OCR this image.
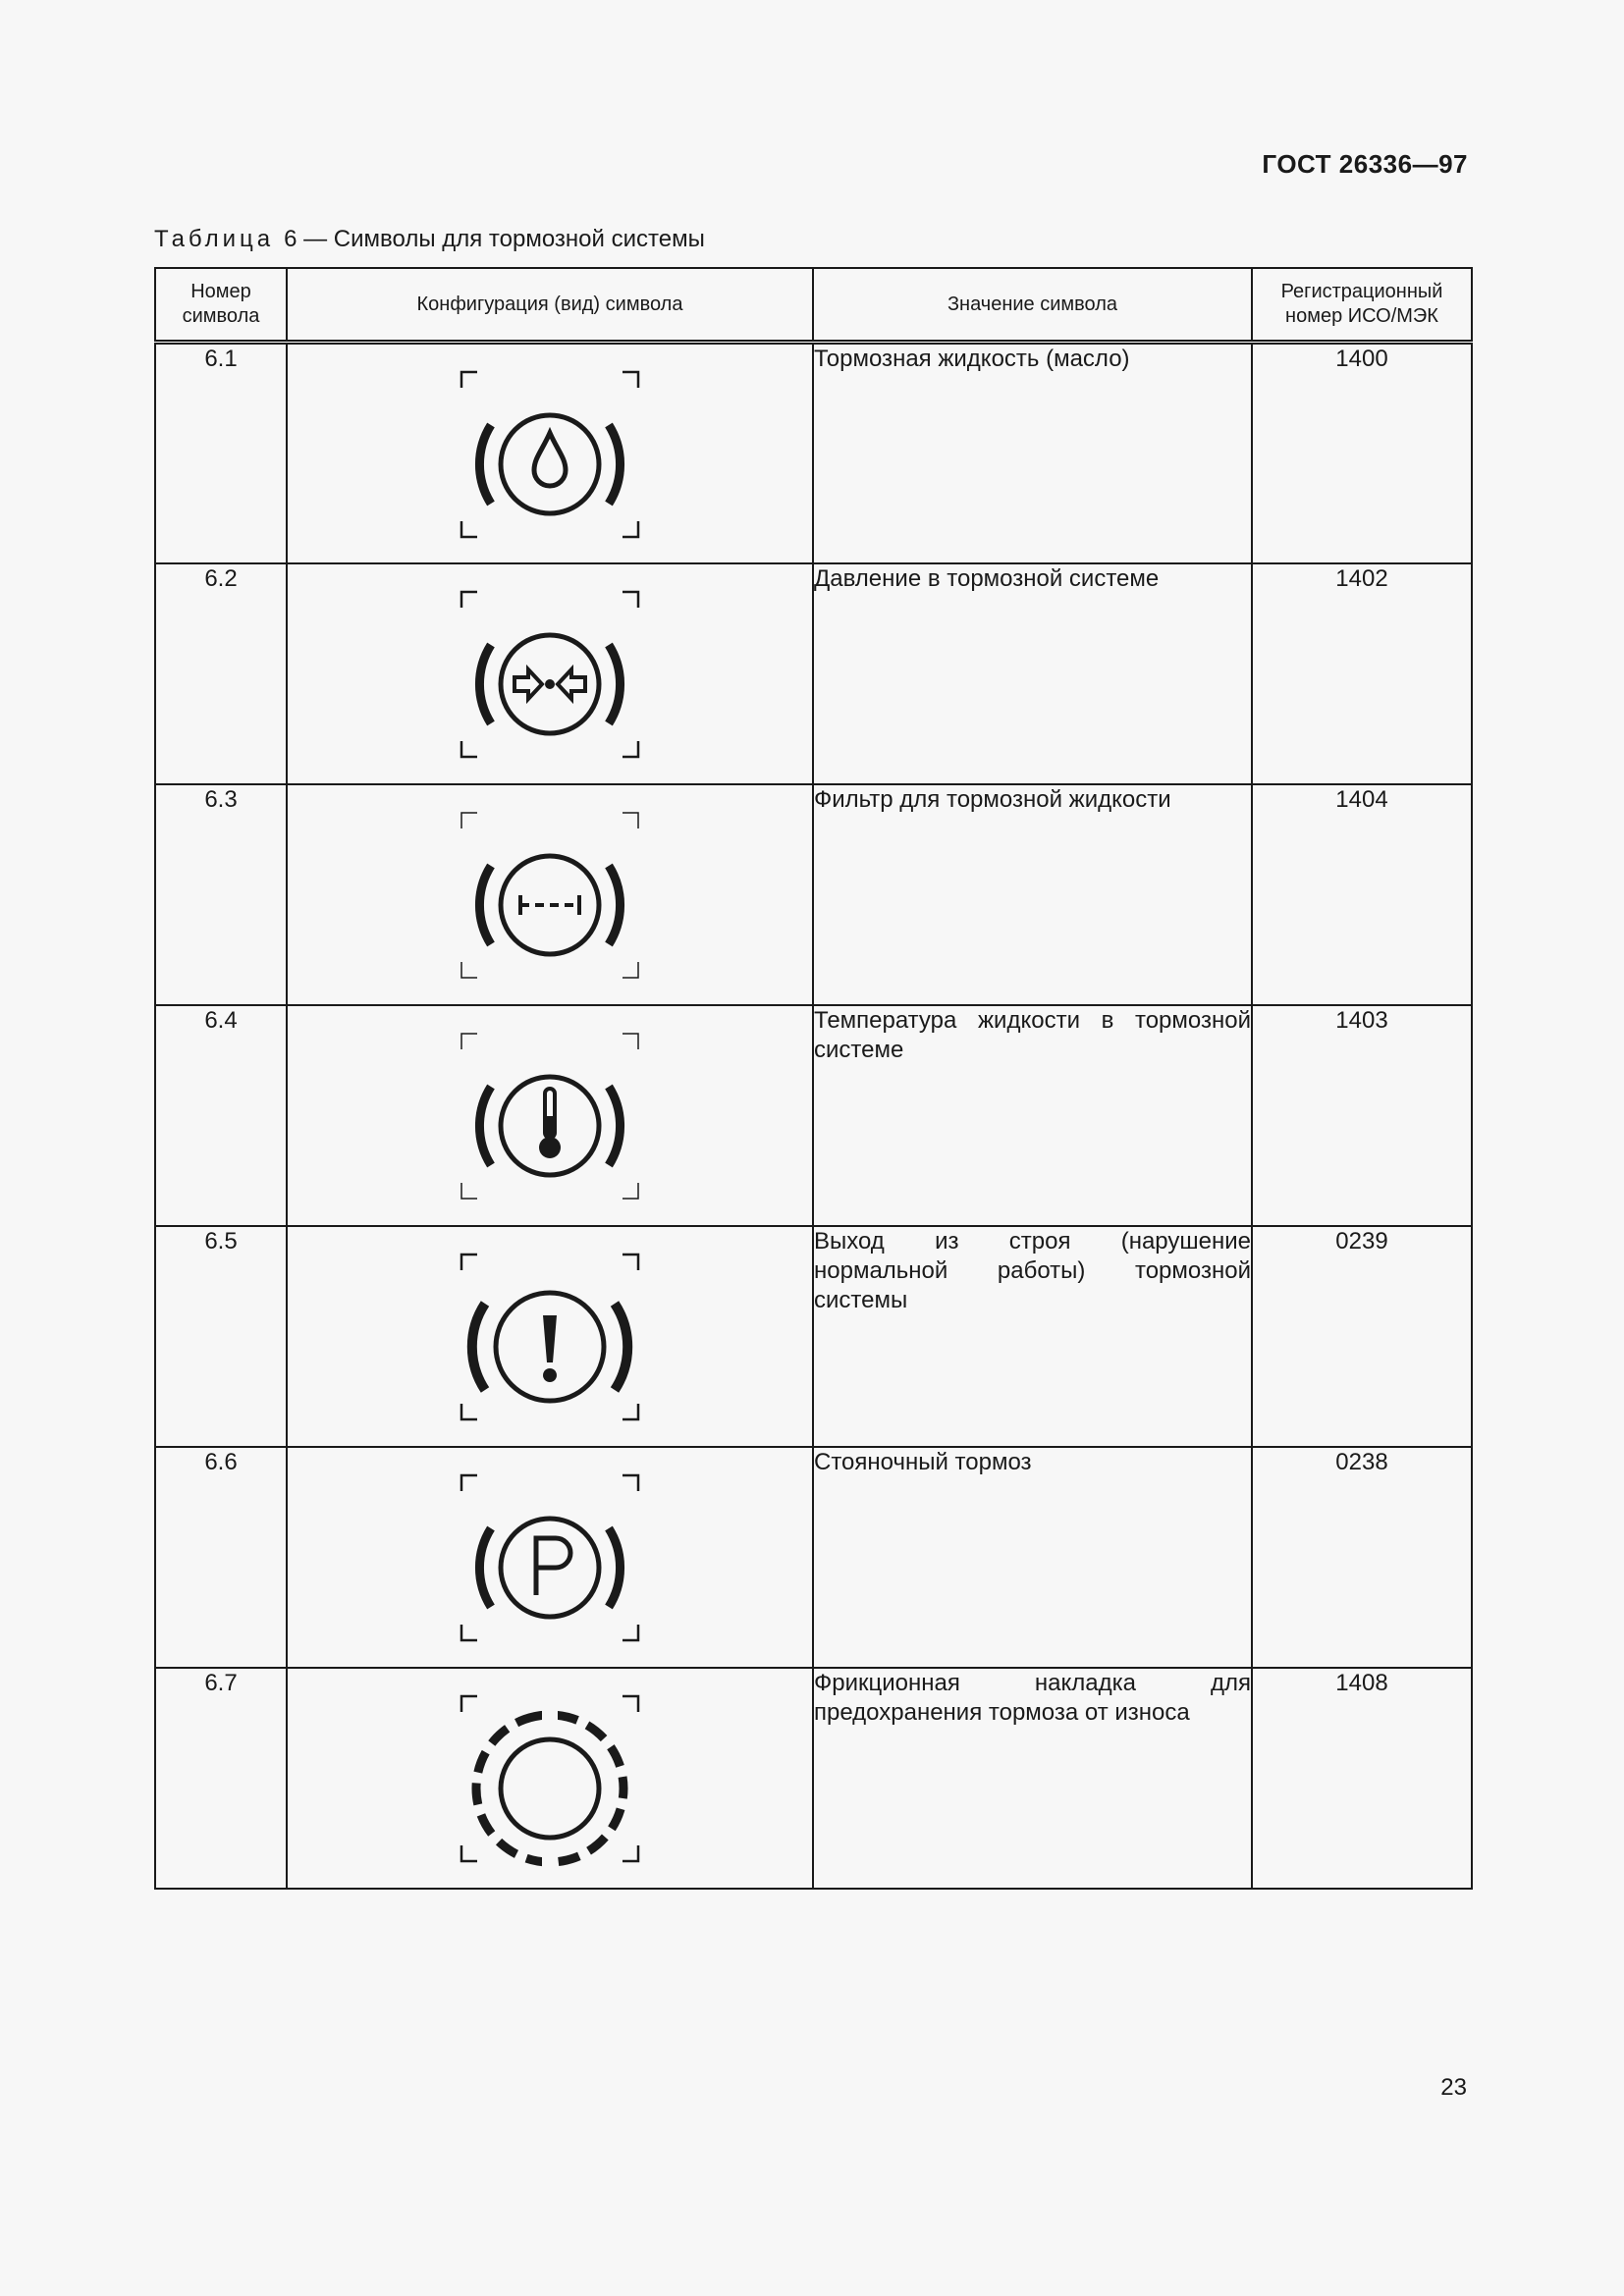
ГОСТ 26336—97
Таблица 6 — Символы для тормозной системы
Номер символа	Конфигурация (вид) символа	Значение символа	Регистрационный номер ИСО/МЭК
6.1		Тормозная жидкость (масло)	1400
6.2		Давление в тормозной системе	1402
6.3		Фильтр для тормозной жидкости	1404
6.4		Температура жидкости в тормозной системе	1403
6.5		Выход из строя (нарушение нормальной работы) тормозной системы	0239
6.6		Стояночный тормоз	0238
6.7		Фрикционная накладка для предохранения тормоза от износа	1408
23
